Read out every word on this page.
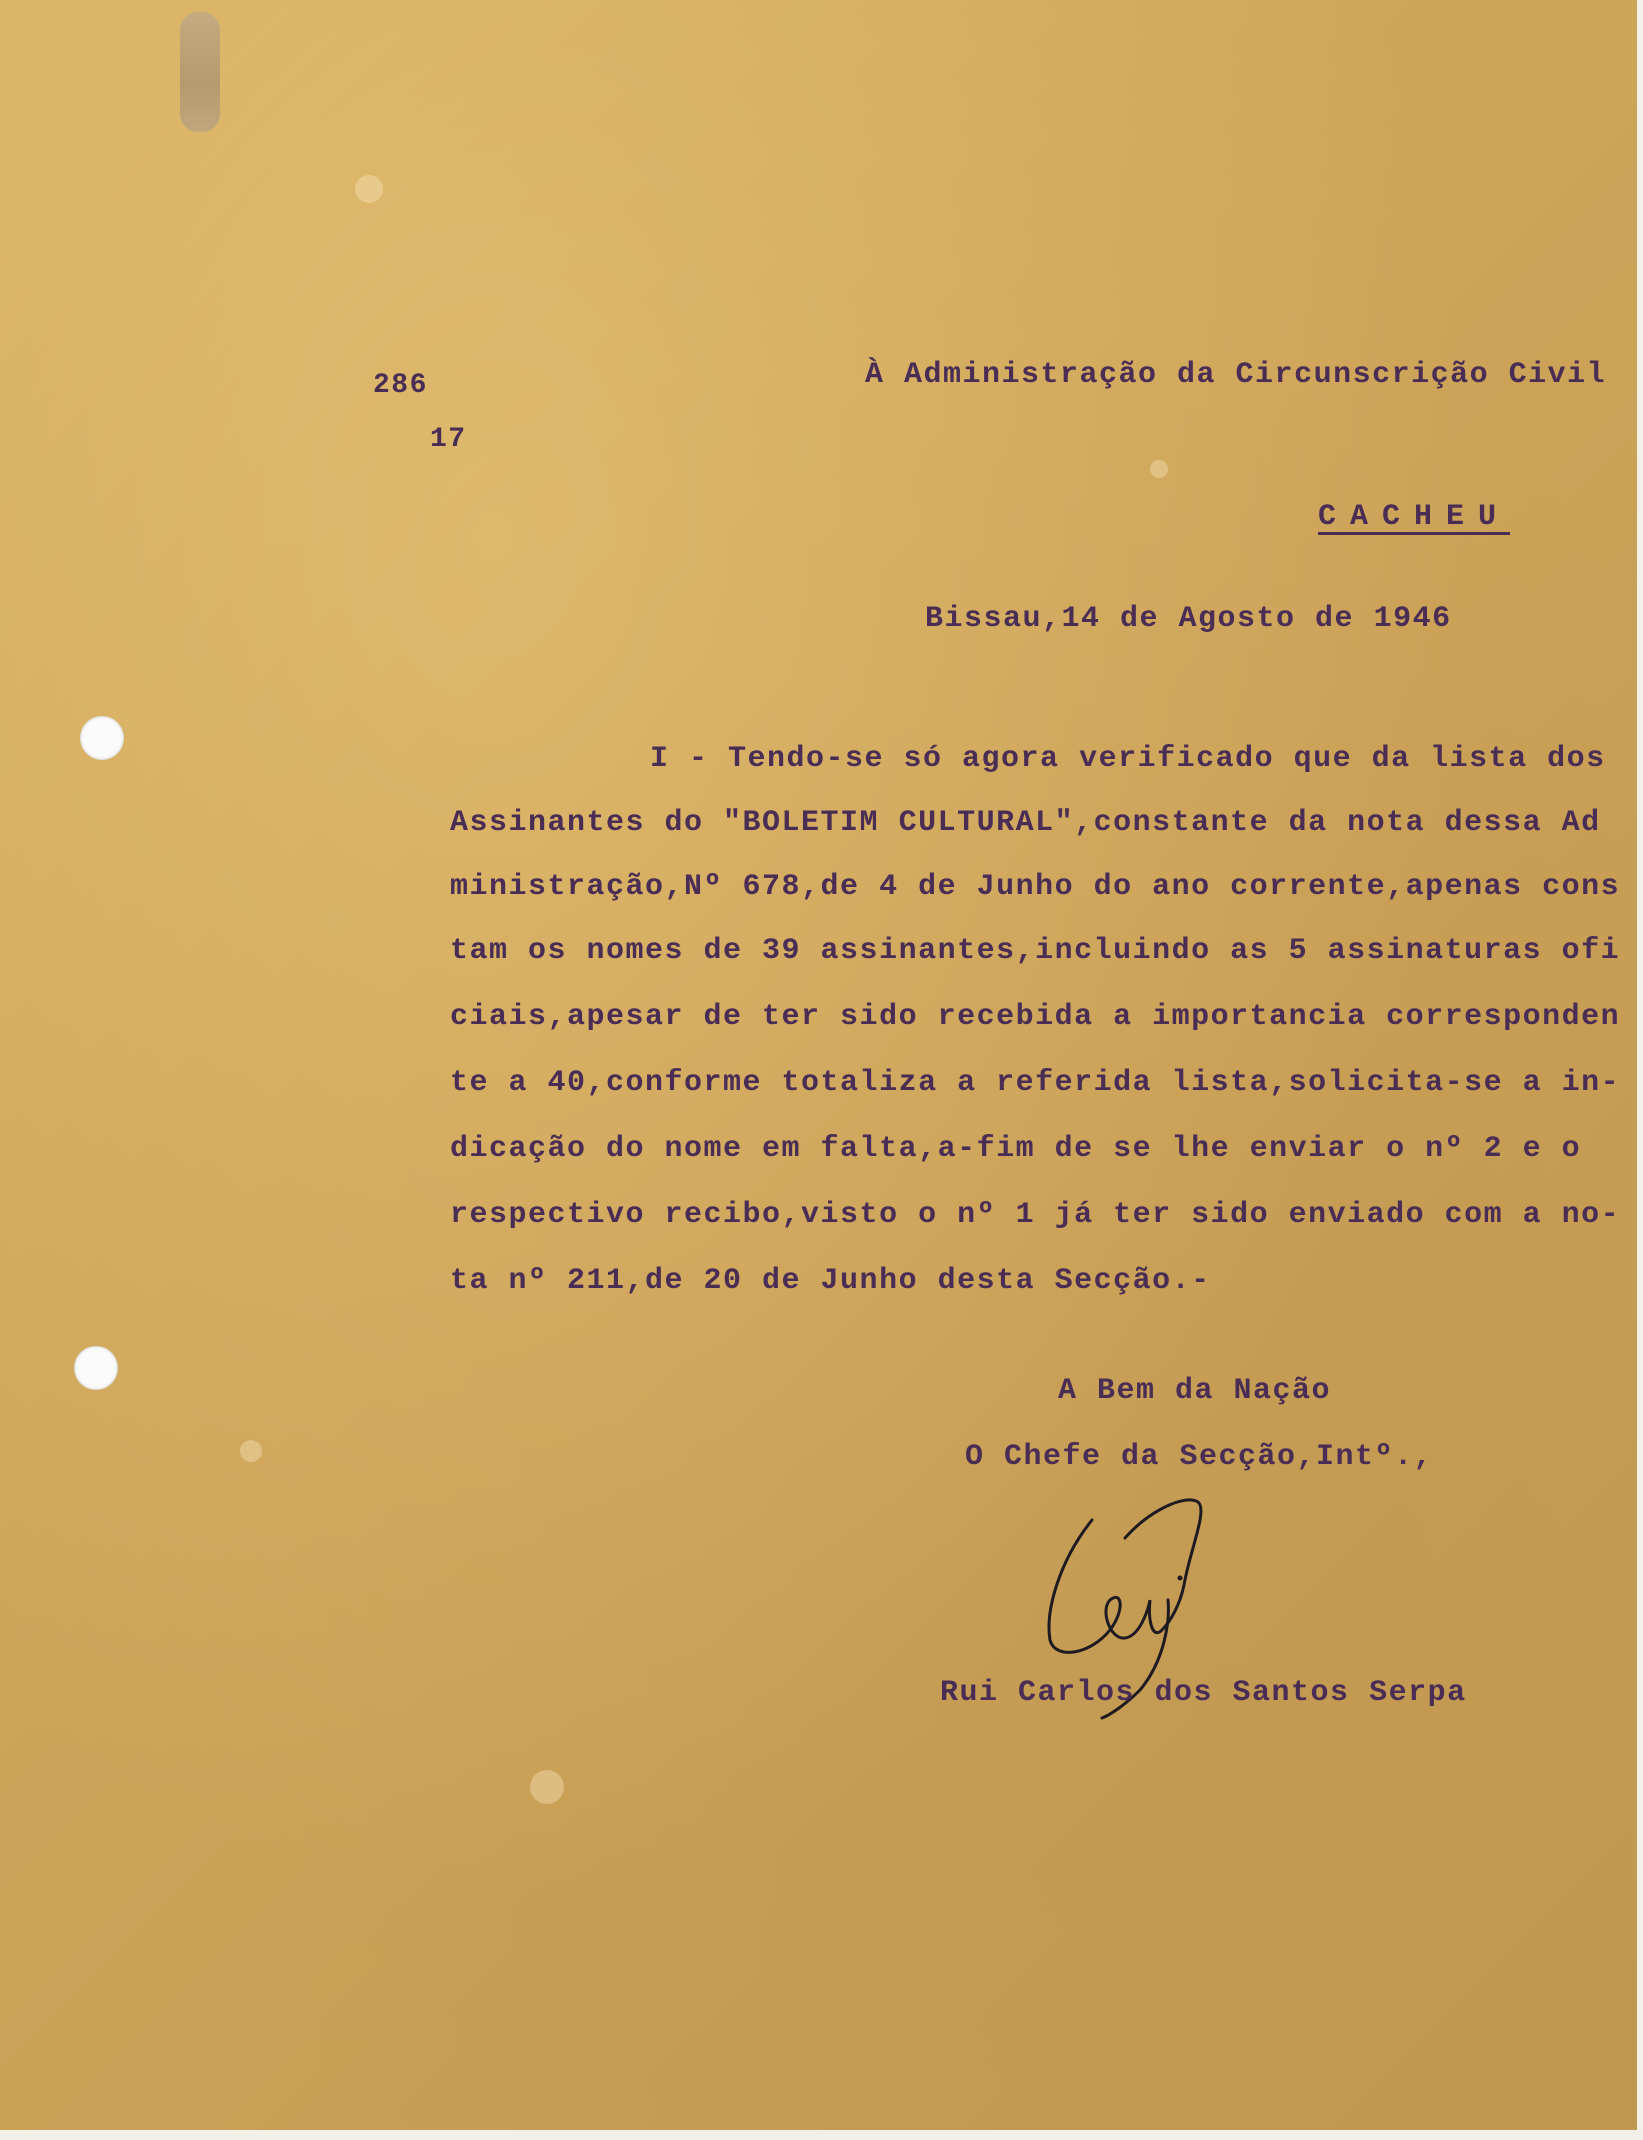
286

17

À Administração da Circunscrição Civil

CACHEU

Bissau,14 de Agosto de 1946

I - Tendo-se só agora verificado que da lista dos

Assinantes do "BOLETIM CULTURAL",constante da nota dessa Ad

ministração,Nº 678,de 4 de Junho do ano corrente,apenas cons

tam os nomes de 39 assinantes,incluindo as 5 assinaturas ofi

ciais,apesar de ter sido recebida a importancia corresponden

te a 40,conforme totaliza a referida lista,solicita-se a in-

dicação do nome em falta,a-fim de se lhe enviar o nº 2 e o

respectivo recibo,visto o nº 1 já ter sido enviado com a no-

ta nº 211,de 20 de Junho desta Secção.-

A Bem da Nação

O Chefe da Secção,Intº.,

Rui Carlos dos Santos Serpa
